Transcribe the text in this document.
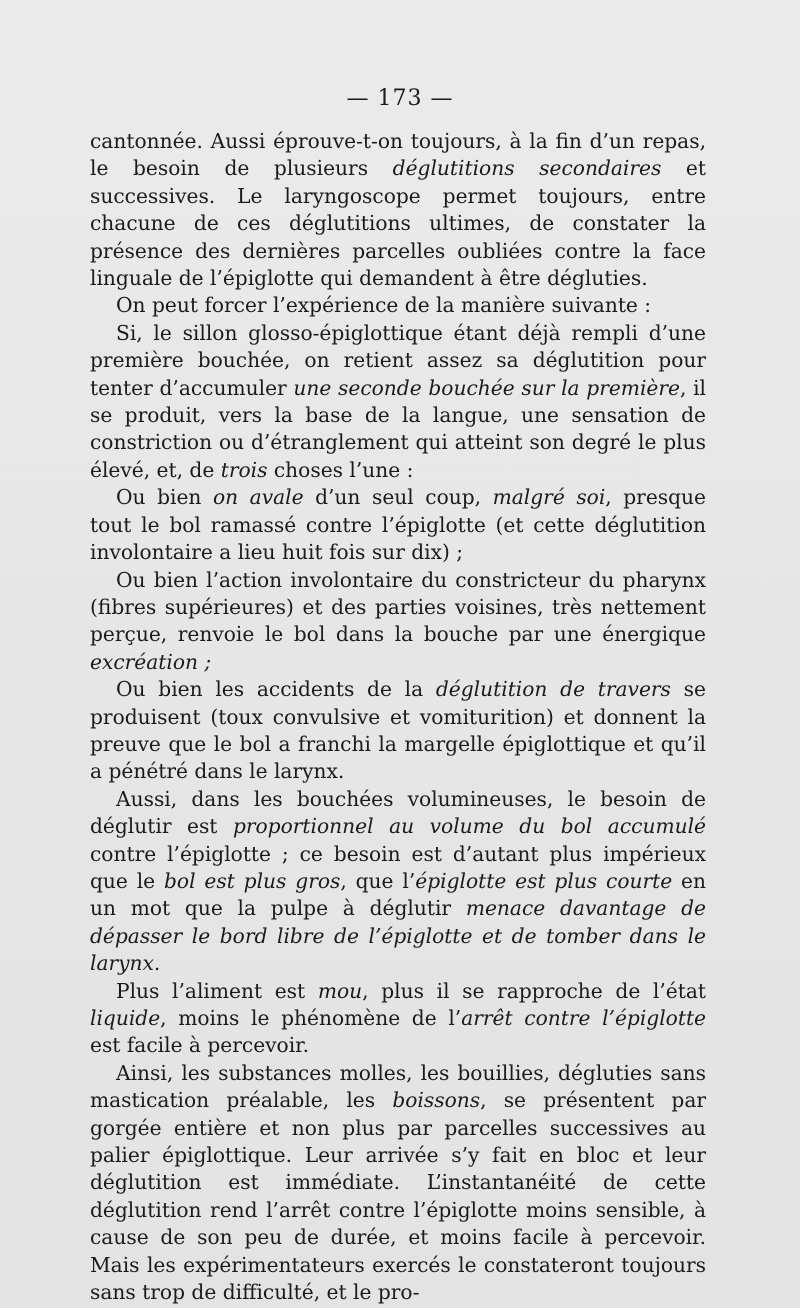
— 173 —

cantonnée. Aussi éprouve-t-on toujours, à la fin d’un repas, le besoin de plusieurs déglutitions secondaires et successives. Le laryngoscope permet toujours, entre chacune de ces déglutitions ultimes, de constater la présence des dernières parcelles oubliées contre la face linguale de l’épiglotte qui demandent à être dégluties.

On peut forcer l’expérience de la manière suivante :

Si, le sillon glosso-épiglottique étant déjà rempli d’une première bouchée, on retient assez sa déglutition pour tenter d’accumuler une seconde bouchée sur la première, il se produit, vers la base de la langue, une sensation de constriction ou d’étranglement qui atteint son degré le plus élevé, et, de trois choses l’une :

Ou bien on avale d’un seul coup, malgré soi, presque tout le bol ramassé contre l’épiglotte (et cette déglutition involontaire a lieu huit fois sur dix) ;

Ou bien l’action involontaire du constricteur du pharynx (fibres supérieures) et des parties voisines, très nettement perçue, renvoie le bol dans la bouche par une énergique excréation ;

Ou bien les accidents de la déglutition de travers se produisent (toux convulsive et vomiturition) et donnent la preuve que le bol a franchi la margelle épiglottique et qu’il a pénétré dans le larynx.

Aussi, dans les bouchées volumineuses, le besoin de déglutir est proportionnel au volume du bol accumulé contre l’épiglotte ; ce besoin est d’autant plus impérieux que le bol est plus gros, que l’épiglotte est plus courte en un mot que la pulpe à déglutir menace davantage de dépasser le bord libre de l’épiglotte et de tomber dans le larynx.

Plus l’aliment est mou, plus il se rapproche de l’état liquide, moins le phénomène de l’arrêt contre l’épiglotte est facile à percevoir.

Ainsi, les substances molles, les bouillies, dégluties sans mastication préalable, les boissons, se présentent par gorgée entière et non plus par parcelles successives au palier épiglottique. Leur arrivée s’y fait en bloc et leur déglutition est immédiate. L’instantanéité de cette déglutition rend l’arrêt contre l’épiglotte moins sensible, à cause de son peu de durée, et moins facile à percevoir. Mais les expérimentateurs exercés le constateront toujours sans trop de difficulté, et le pro-
